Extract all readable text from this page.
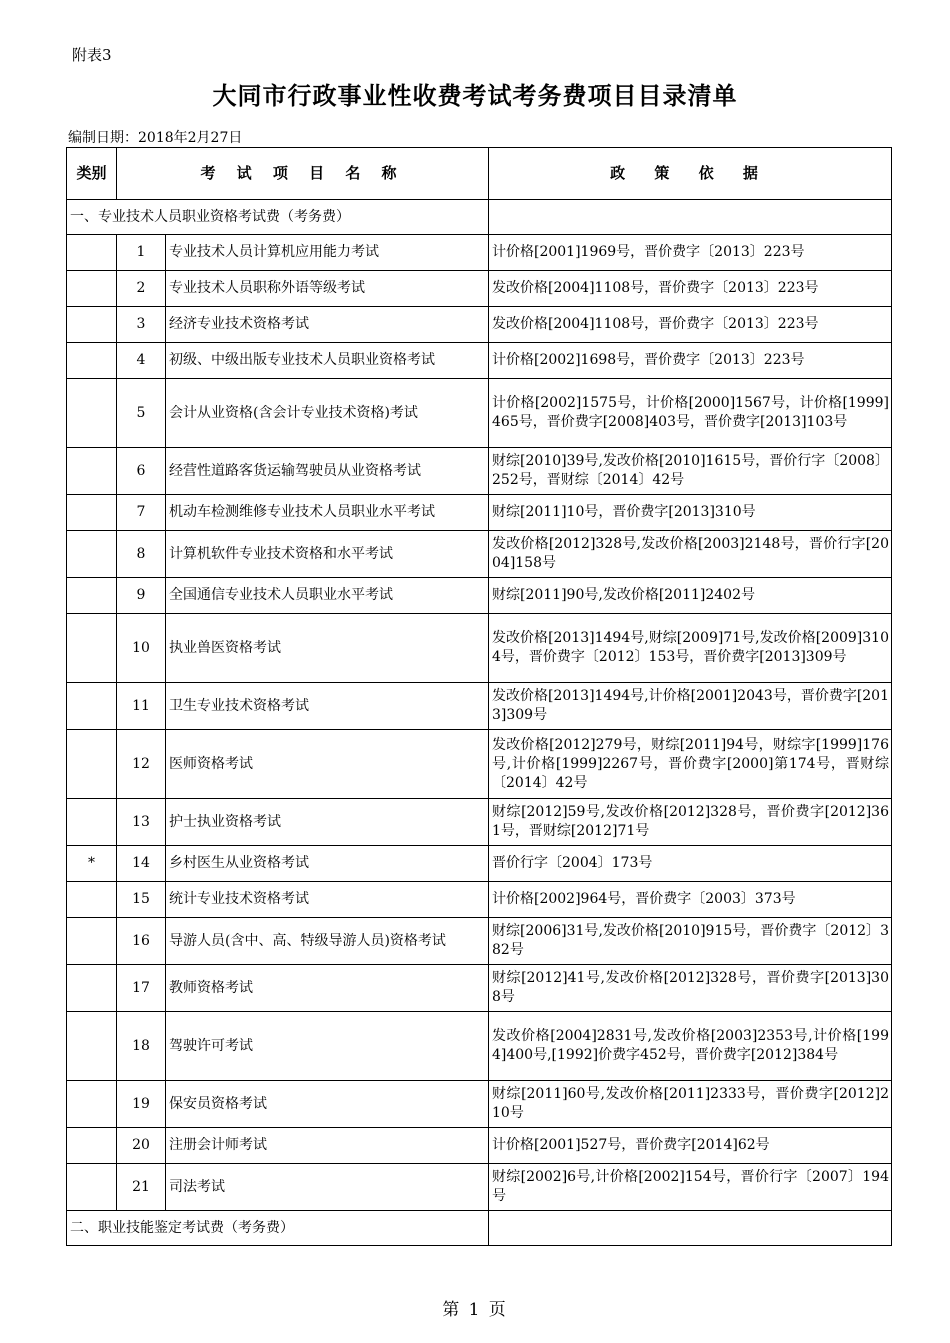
附表3
大同市行政事业性收费考试考务费项目目录清单
编制日期：2018年2月27日
类别	考 试 项 目 名 称		政 策 依 据
一、专业技术人员职业资格考试费（考务费）			
	1	专业技术人员计算机应用能力考试	计价格[2001]1969号，晋价费字〔2013〕223号
	2	专业技术人员职称外语等级考试	发改价格[2004]1108号，晋价费字〔2013〕223号
	3	经济专业技术资格考试	发改价格[2004]1108号，晋价费字〔2013〕223号
	4	初级、中级出版专业技术人员职业资格考试	计价格[2002]1698号，晋价费字〔2013〕223号
	5	会计从业资格(含会计专业技术资格)考试	计价格[2002]1575号，计价格[2000]1567号，计价格[1999]465号，晋价费字[2008]403号，晋价费字[2013]103号
	6	经营性道路客货运输驾驶员从业资格考试	财综[2010]39号,发改价格[2010]1615号，晋价行字〔2008〕252号，晋财综〔2014〕42号
	7	机动车检测维修专业技术人员职业水平考试	财综[2011]10号，晋价费字[2013]310号
	8	计算机软件专业技术资格和水平考试	发改价格[2012]328号,发改价格[2003]2148号，晋价行字[2004]158号
	9	全国通信专业技术人员职业水平考试	财综[2011]90号,发改价格[2011]2402号
	10	执业兽医资格考试	发改价格[2013]1494号,财综[2009]71号,发改价格[2009]3104号，晋价费字〔2012〕153号，晋价费字[2013]309号
	11	卫生专业技术资格考试	发改价格[2013]1494号,计价格[2001]2043号，晋价费字[2013]309号
	12	医师资格考试	发改价格[2012]279号，财综[2011]94号，财综字[1999]176号,计价格[1999]2267号，晋价费字[2000]第174号，晋财综〔2014〕42号
	13	护士执业资格考试	财综[2012]59号,发改价格[2012]328号，晋价费字[2012]361号，晋财综[2012]71号
*	14	乡村医生从业资格考试	晋价行字〔2004〕173号
	15	统计专业技术资格考试	计价格[2002]964号，晋价费字〔2003〕373号
	16	导游人员(含中、高、特级导游人员)资格考试	财综[2006]31号,发改价格[2010]915号，晋价费字〔2012〕382号
	17	教师资格考试	财综[2012]41号,发改价格[2012]328号，晋价费字[2013]308号
	18	驾驶许可考试	发改价格[2004]2831号,发改价格[2003]2353号,计价格[1994]400号,[1992]价费字452号，晋价费字[2012]384号
	19	保安员资格考试	财综[2011]60号,发改价格[2011]2333号，晋价费字[2012]210号
	20	注册会计师考试	计价格[2001]527号，晋价费字[2014]62号
	21	司法考试	财综[2002]6号,计价格[2002]154号，晋价行字〔2007〕194号
二、职业技能鉴定考试费（考务费）			
第 1 页
